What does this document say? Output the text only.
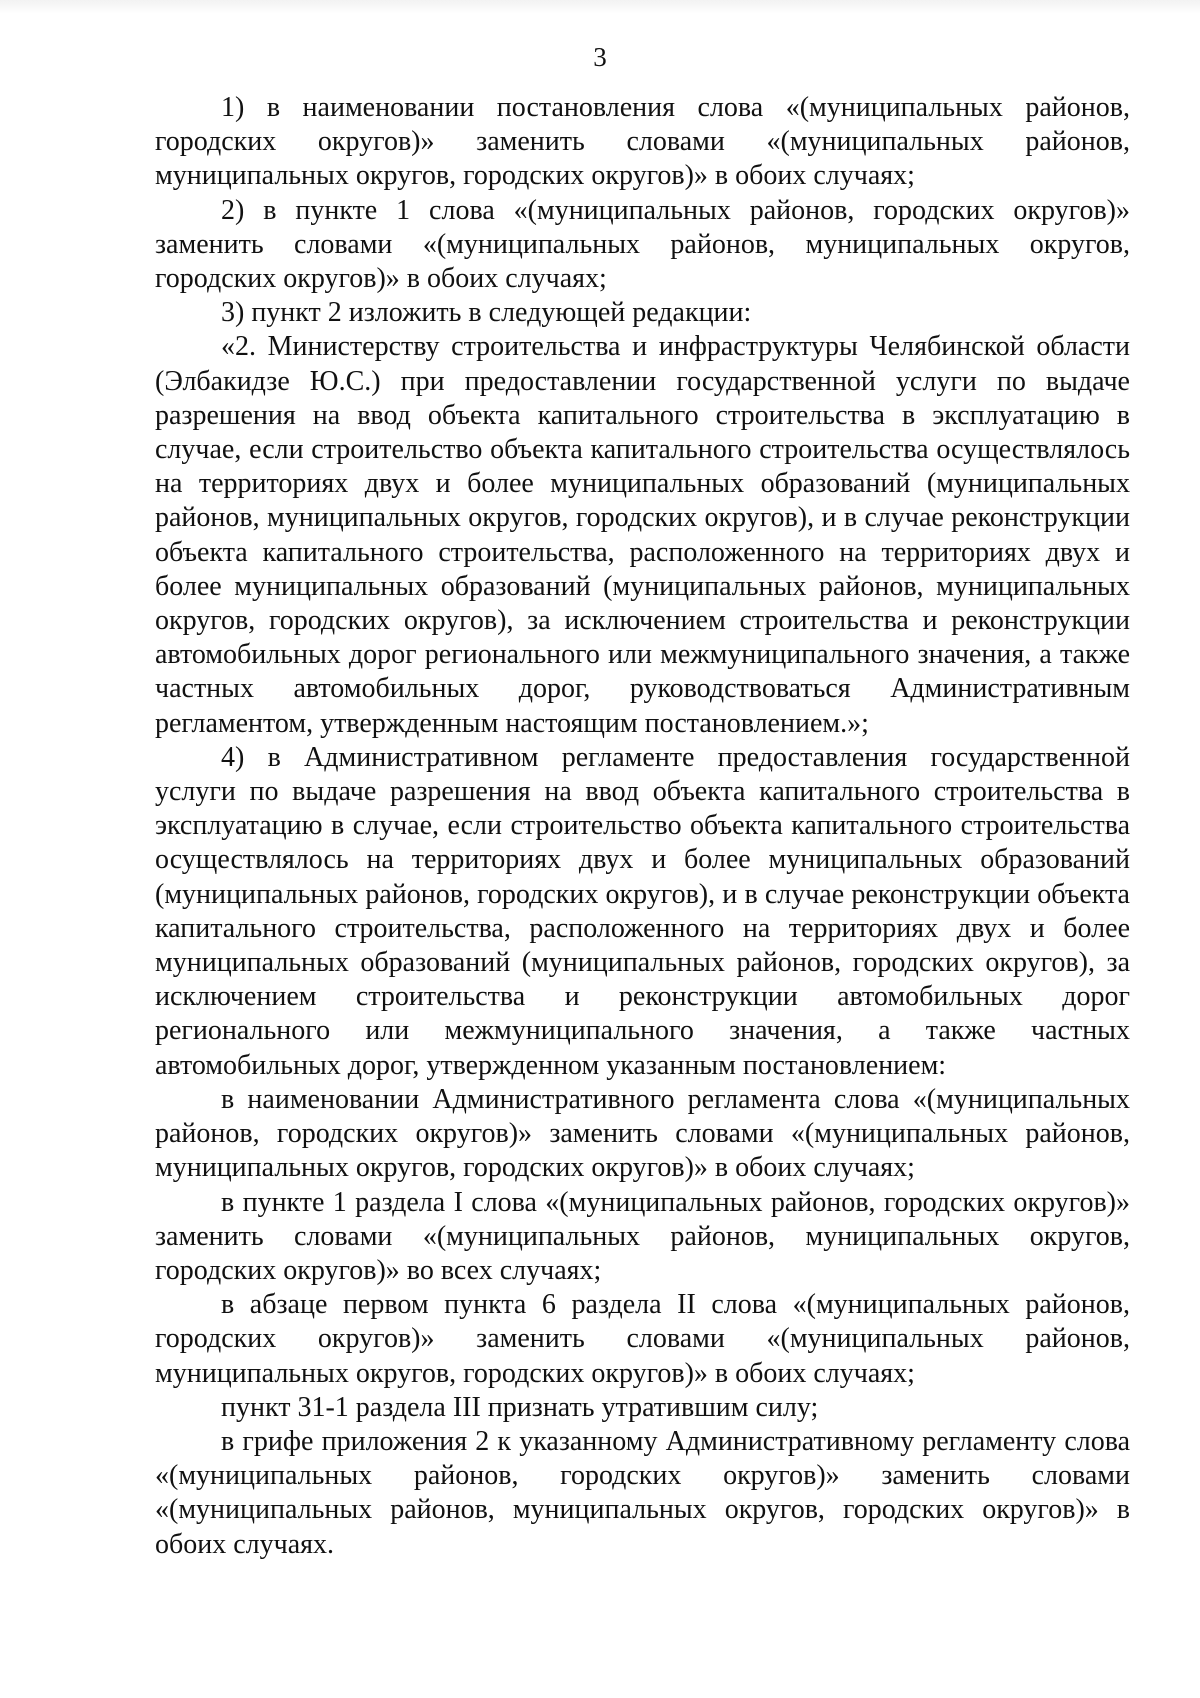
3

1) в наименовании постановления слова «(муниципальных районов, городских округов)» заменить словами «(муниципальных районов, муниципальных округов, городских округов)» в обоих случаях;

2) в пункте 1 слова «(муниципальных районов, городских округов)» заменить словами «(муниципальных районов, муниципальных округов, городских округов)» в обоих случаях;

3) пункт 2 изложить в следующей редакции:

«2. Министерству строительства и инфраструктуры Челябинской области (Элбакидзе Ю.С.) при предоставлении государственной услуги по выдаче разрешения на ввод объекта капитального строительства в эксплуатацию в случае, если строительство объекта капитального строительства осуществлялось на территориях двух и более муниципальных образований (муниципальных районов, муниципальных округов, городских округов), и в случае реконструкции объекта капитального строительства, расположенного на территориях двух и более муниципальных образований (муниципальных районов, муниципальных округов, городских округов), за исключением строительства и реконструкции автомобильных дорог регионального или межмуниципального значения, а также частных автомобильных дорог, руководствоваться Административным регламентом, утвержденным настоящим постановлением.»;

4) в Административном регламенте предоставления государственной услуги по выдаче разрешения на ввод объекта капитального строительства в эксплуатацию в случае, если строительство объекта капитального строительства осуществлялось на территориях двух и более муниципальных образований (муниципальных районов, городских округов), и в случае реконструкции объекта капитального строительства, расположенного на территориях двух и более муниципальных образований (муниципальных районов, городских округов), за исключением строительства и реконструкции автомобильных дорог регионального или межмуниципального значения, а также частных автомобильных дорог, утвержденном указанным постановлением:

в наименовании Административного регламента слова «(муниципальных районов, городских округов)» заменить словами «(муниципальных районов, муниципальных округов, городских округов)» в обоих случаях;

в пункте 1 раздела I слова «(муниципальных районов, городских округов)» заменить словами «(муниципальных районов, муниципальных округов, городских округов)» во всех случаях;

в абзаце первом пункта 6 раздела II слова «(муниципальных районов, городских округов)» заменить словами «(муниципальных районов, муниципальных округов, городских округов)» в обоих случаях;

пункт 31-1 раздела III признать утратившим силу;

в грифе приложения 2 к указанному Административному регламенту слова «(муниципальных районов, городских округов)» заменить словами «(муниципальных районов, муниципальных округов, городских округов)» в обоих случаях.
